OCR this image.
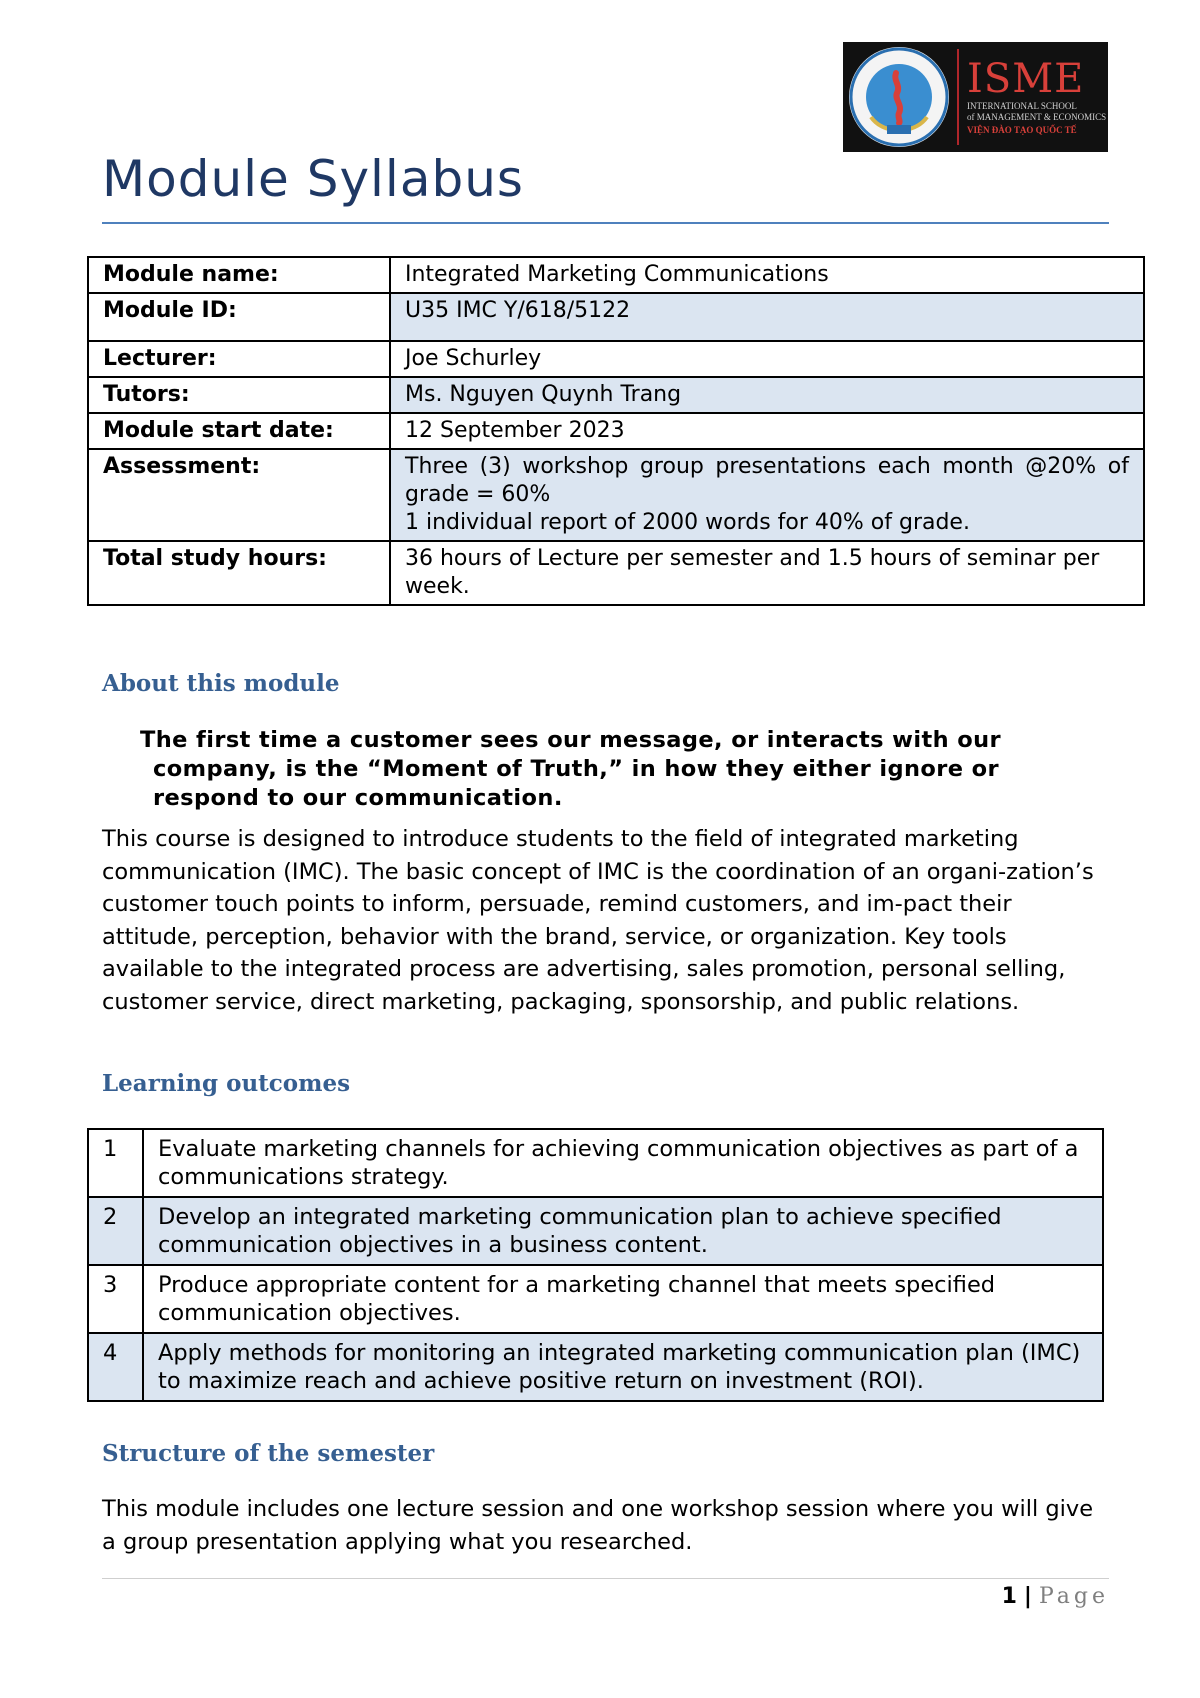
ISME
INTERNATIONAL SCHOOL
of MANAGEMENT & ECONOMICS
VIỆN ĐÀO TẠO QUỐC TẾ
Module Syllabus
Module name:	Integrated Marketing Communications
Module ID:	U35 IMC Y/618/5122
Lecturer:	Joe Schurley
Tutors:	Ms. Nguyen Quynh Trang
Module start date:	12 September 2023
Assessment:	Three (3) workshop group presentations each month @20% of grade = 60%
1 individual report of 2000 words for 40% of grade.

Total study hours:	36 hours of Lecture per semester and 1.5 hours of seminar per week.
About this module
The first time a customer sees our message, or interacts with our
company, is the “Moment of Truth,” in how they either ignore or
respond to our communication.
This course is designed to introduce students to the field of integrated marketing communication (IMC). The basic concept of IMC is the coordination of an organi-zation’s customer touch points to inform, persuade, remind customers, and im-pact their attitude, perception, behavior with the brand, service, or organization. Key tools available to the integrated process are advertising, sales promotion, personal selling, customer service, direct marketing, packaging, sponsorship, and public relations.
Learning outcomes
1	Evaluate marketing channels for achieving communication objectives as part of a communications strategy.
2	Develop an integrated marketing communication plan to achieve specified communication objectives in a business content.
3	Produce appropriate content for a marketing channel that meets specified communication objectives.
4	Apply methods for monitoring an integrated marketing communication plan (IMC) to maximize reach and achieve positive return on investment (ROI).
Structure of the semester
This module includes one lecture session and one workshop session where you will give a group presentation applying what you researched.
1 | Page
